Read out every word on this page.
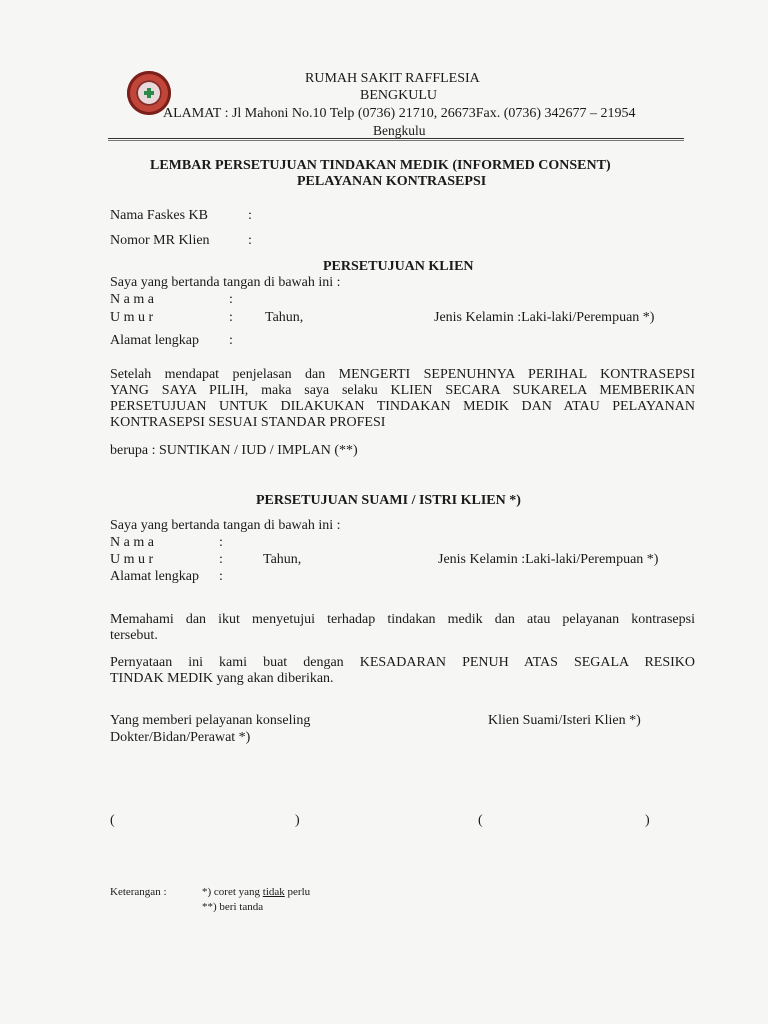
RUMAH SAKIT RAFFLESIA
BENGKULU
ALAMAT : Jl Mahoni No.10 Telp (0736) 21710, 26673Fax. (0736) 342677 – 21954
Bengkulu
LEMBAR PERSETUJUAN TINDAKAN MEDIK (INFORMED CONSENT)
PELAYANAN KONTRASEPSI
Nama Faskes KB	:
Nomor MR Klien	:
PERSETUJUAN KLIEN
Saya yang bertanda tangan di bawah ini :
N a m a	:
U m u r	: Tahun,	Jenis Kelamin :Laki-laki/Perempuan *)
Alamat lengkap :
Setelah mendapat penjelasan dan MENGERTI SEPENUHNYA PERIHAL KONTRASEPSI
YANG SAYA PILIH, maka saya selaku KLIEN SECARA SUKARELA MEMBERIKAN
PERSETUJUAN UNTUK DILAKUKAN TINDAKAN MEDIK DAN ATAU PELAYANAN
KONTRASEPSI SESUAI STANDAR PROFESI
berupa : SUNTIKAN / IUD / IMPLAN (**)
PERSETUJUAN SUAMI / ISTRI KLIEN *)
Saya yang bertanda tangan di bawah ini :
N a m a	:
U m u r	:	Tahun,	Jenis Kelamin :Laki-laki/Perempuan *)
Alamat lengkap :
Memahami dan ikut menyetujui terhadap tindakan medik dan atau pelayanan kontrasepsi
tersebut.
Pernyataan ini kami buat dengan KESADARAN PENUH ATAS SEGALA RESIKO
TINDAK MEDIK yang akan diberikan.
Yang memberi pelayanan konseling
Dokter/Bidan/Perawat *)
Klien Suami/Isteri Klien *)
(	)	(	)
Keterangan :	*) coret yang tidak perlu
**) beri tanda
